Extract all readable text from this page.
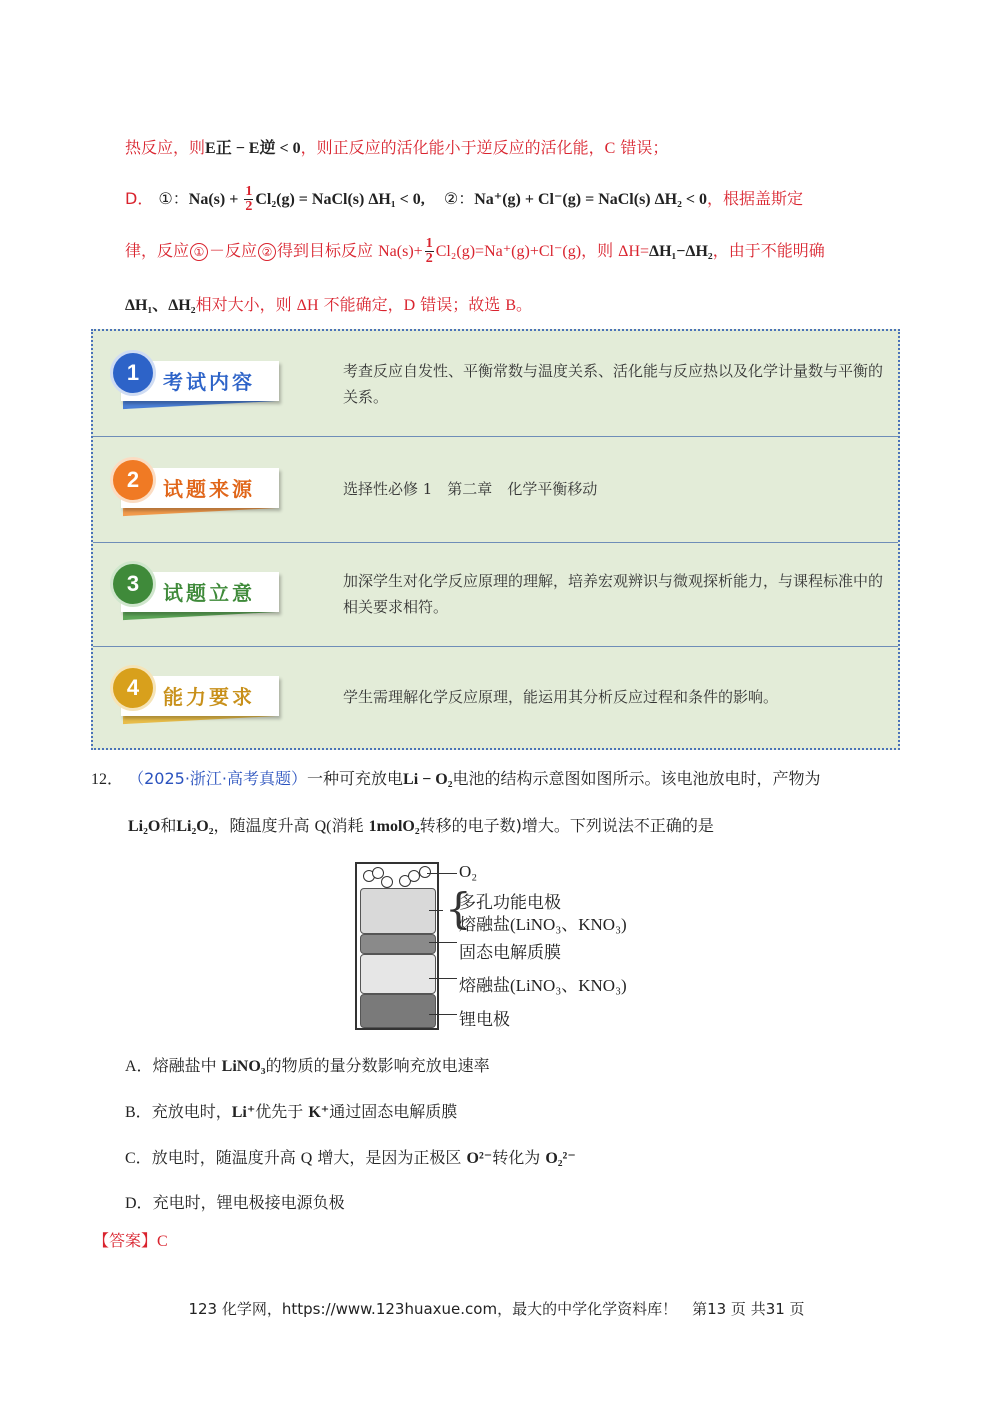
热反应，则E正 − E逆 < 0，则正反应的活化能小于逆反应的活化能，C 错误；
D． ①：$Na(s) + \frac{1}{2} Cl_2(g)$ = NaCl(s) ΔH₁ < 0, ②：Na⁺(g) + Cl⁻(g) = NaCl(s) ΔH₂ < 0，根据盖斯定
律，反应 ① －反应 ② 得到目标反应 $Na(s)+ \frac{1}{2} Cl_2(g)=Na^+(g)+Cl^-(g)$，则 ΔH=ΔH₁−ΔH₂，由于不能明确
ΔH₁、ΔH₂相对大小，则 ΔH 不能确定，D 错误；故选 B。
1	考试内容	考查反应自发性、平衡常数与温度关系、活化能与反应热以及化学计量数与平衡的关系。
2	试题来源	选择性必修 1　第二章　化学平衡移动
3	试题立意	加深学生对化学反应原理的理解，培养宏观辨识与微观探析能力，与课程标准中的相关要求相符。
4	能力要求	学生需理解化学反应原理，能运用其分析反应过程和条件的影响。
12． （2025·浙江·高考真题）一种可充放电Li − O₂电池的结构示意图如图所示。该电池放电时，产物为
Li₂O和Li₂O₂，随温度升高 Q(消耗 1molO₂转移的电子数)增大。下列说法不正确的是
O₂
{
多孔功能电极
熔融盐(LiNO₃、KNO₃)
固态电解质膜
熔融盐(LiNO₃、KNO₃)
锂电极
A．熔融盐中 LiNO₃的物质的量分数影响充放电速率
B．充放电时，Li⁺优先于 K⁺通过固态电解质膜
C．放电时，随温度升高 Q 增大，是因为正极区 O²⁻转化为 O₂²⁻
D．充电时，锂电极接电源负极
【答案】C
123 化学网，https://www.123huaxue.com，最大的中学化学资料库！　第13 页 共31 页
